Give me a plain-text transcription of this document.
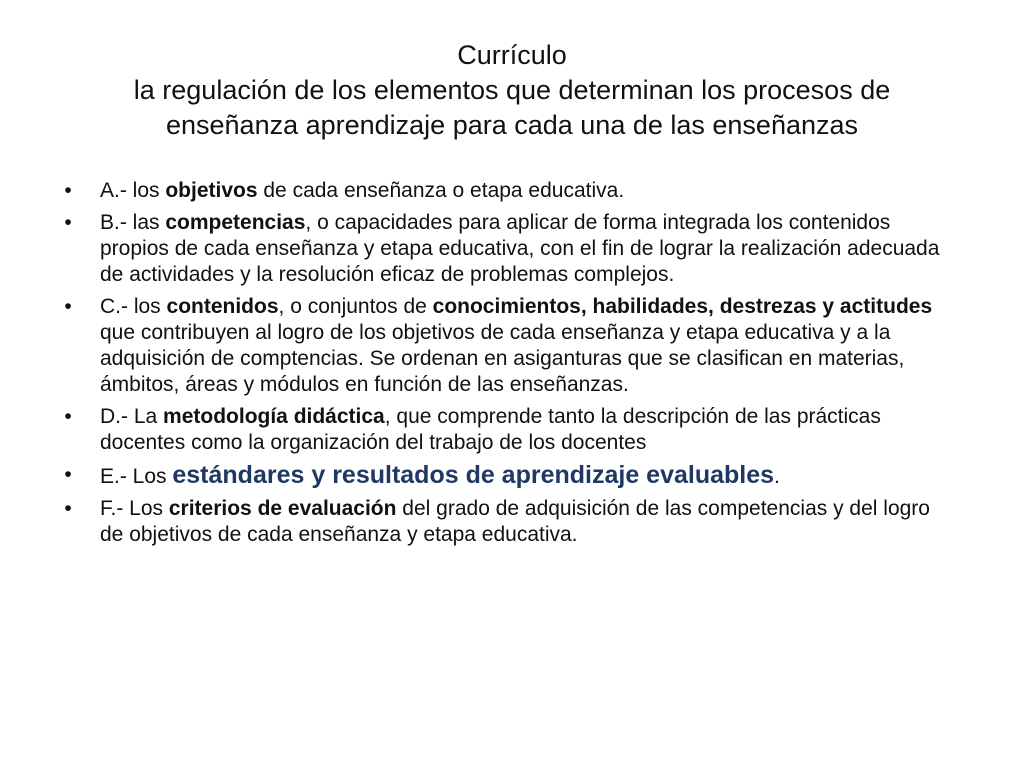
Currículo
la regulación de los elementos que determinan los procesos de
enseñanza aprendizaje para cada una de las enseñanzas
•	A.- los objetivos de cada enseñanza o etapa educativa.
•	B.- las competencias, o capacidades para aplicar de forma integrada los contenidos propios de cada enseñanza y etapa educativa, con el fin de lograr la realización adecuada de actividades y la resolución eficaz de problemas complejos.
•	C.- los contenidos, o conjuntos de conocimientos, habilidades, destrezas y actitudes que contribuyen al logro de los objetivos de cada enseñanza y etapa educativa y a la adquisición de comptencias. Se ordenan en asiganturas que se clasifican en materias, ámbitos, áreas y módulos en función de las enseñanzas.
•	D.- La metodología didáctica, que comprende tanto la descripción de las prácticas docentes como la organización del trabajo de los docentes
•	E.- Los estándares y resultados de aprendizaje evaluables.
•	F.- Los criterios de evaluación del grado de adquisición de las competencias y del logro de objetivos de cada enseñanza y etapa educativa.
